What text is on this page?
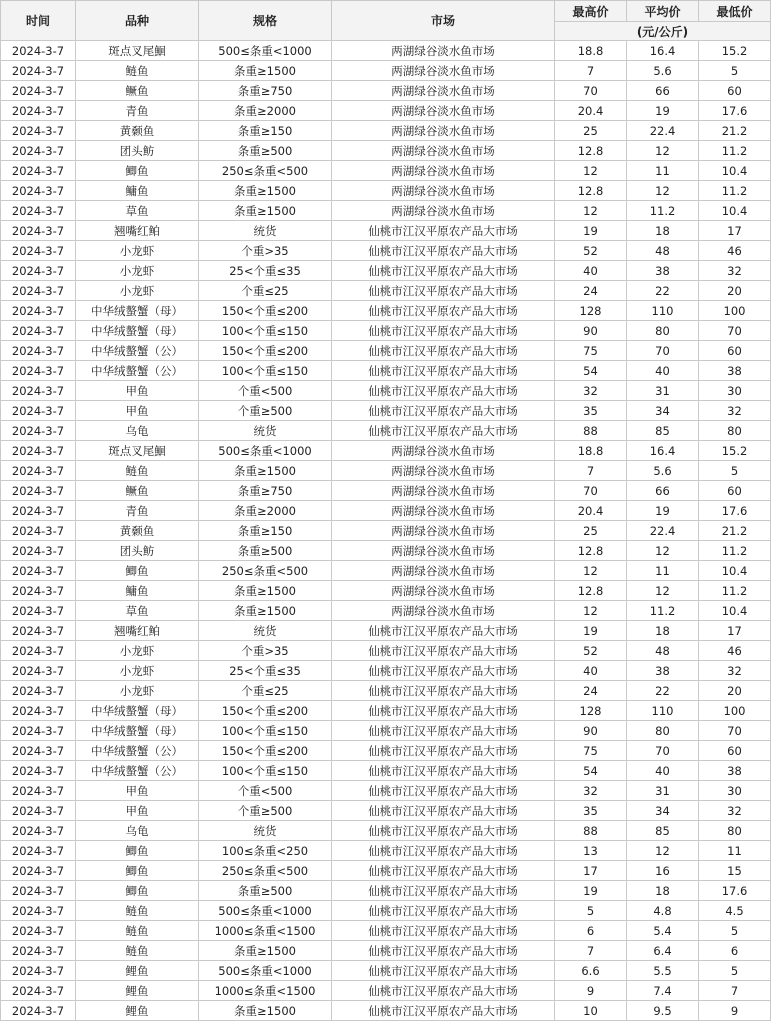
时间	品种	规格	市场	最高价	平均价	最低价
				(元/公斤)		
2024-3-7	斑点叉尾鮰	500≤条重<1000	两湖绿谷淡水鱼市场	18.8	16.4	15.2
2024-3-7	鲢鱼	条重≥1500	两湖绿谷淡水鱼市场	7	5.6	5
2024-3-7	鳜鱼	条重≥750	两湖绿谷淡水鱼市场	70	66	60
2024-3-7	青鱼	条重≥2000	两湖绿谷淡水鱼市场	20.4	19	17.6
2024-3-7	黄颡鱼	条重≥150	两湖绿谷淡水鱼市场	25	22.4	21.2
2024-3-7	团头鲂	条重≥500	两湖绿谷淡水鱼市场	12.8	12	11.2
2024-3-7	鲫鱼	250≤条重<500	两湖绿谷淡水鱼市场	12	11	10.4
2024-3-7	鳙鱼	条重≥1500	两湖绿谷淡水鱼市场	12.8	12	11.2
2024-3-7	草鱼	条重≥1500	两湖绿谷淡水鱼市场	12	11.2	10.4
2024-3-7	翘嘴红鲌	统货	仙桃市江汉平原农产品大市场	19	18	17
2024-3-7	小龙虾	个重>35	仙桃市江汉平原农产品大市场	52	48	46
2024-3-7	小龙虾	25<个重≤35	仙桃市江汉平原农产品大市场	40	38	32
2024-3-7	小龙虾	个重≤25	仙桃市江汉平原农产品大市场	24	22	20
2024-3-7	中华绒螯蟹（母）	150<个重≤200	仙桃市江汉平原农产品大市场	128	110	100
2024-3-7	中华绒螯蟹（母）	100<个重≤150	仙桃市江汉平原农产品大市场	90	80	70
2024-3-7	中华绒螯蟹（公）	150<个重≤200	仙桃市江汉平原农产品大市场	75	70	60
2024-3-7	中华绒螯蟹（公）	100<个重≤150	仙桃市江汉平原农产品大市场	54	40	38
2024-3-7	甲鱼	个重<500	仙桃市江汉平原农产品大市场	32	31	30
2024-3-7	甲鱼	个重≥500	仙桃市江汉平原农产品大市场	35	34	32
2024-3-7	乌龟	统货	仙桃市江汉平原农产品大市场	88	85	80
2024-3-7	斑点叉尾鮰	500≤条重<1000	两湖绿谷淡水鱼市场	18.8	16.4	15.2
2024-3-7	鲢鱼	条重≥1500	两湖绿谷淡水鱼市场	7	5.6	5
2024-3-7	鳜鱼	条重≥750	两湖绿谷淡水鱼市场	70	66	60
2024-3-7	青鱼	条重≥2000	两湖绿谷淡水鱼市场	20.4	19	17.6
2024-3-7	黄颡鱼	条重≥150	两湖绿谷淡水鱼市场	25	22.4	21.2
2024-3-7	团头鲂	条重≥500	两湖绿谷淡水鱼市场	12.8	12	11.2
2024-3-7	鲫鱼	250≤条重<500	两湖绿谷淡水鱼市场	12	11	10.4
2024-3-7	鳙鱼	条重≥1500	两湖绿谷淡水鱼市场	12.8	12	11.2
2024-3-7	草鱼	条重≥1500	两湖绿谷淡水鱼市场	12	11.2	10.4
2024-3-7	翘嘴红鲌	统货	仙桃市江汉平原农产品大市场	19	18	17
2024-3-7	小龙虾	个重>35	仙桃市江汉平原农产品大市场	52	48	46
2024-3-7	小龙虾	25<个重≤35	仙桃市江汉平原农产品大市场	40	38	32
2024-3-7	小龙虾	个重≤25	仙桃市江汉平原农产品大市场	24	22	20
2024-3-7	中华绒螯蟹（母）	150<个重≤200	仙桃市江汉平原农产品大市场	128	110	100
2024-3-7	中华绒螯蟹（母）	100<个重≤150	仙桃市江汉平原农产品大市场	90	80	70
2024-3-7	中华绒螯蟹（公）	150<个重≤200	仙桃市江汉平原农产品大市场	75	70	60
2024-3-7	中华绒螯蟹（公）	100<个重≤150	仙桃市江汉平原农产品大市场	54	40	38
2024-3-7	甲鱼	个重<500	仙桃市江汉平原农产品大市场	32	31	30
2024-3-7	甲鱼	个重≥500	仙桃市江汉平原农产品大市场	35	34	32
2024-3-7	乌龟	统货	仙桃市江汉平原农产品大市场	88	85	80
2024-3-7	鲫鱼	100≤条重<250	仙桃市江汉平原农产品大市场	13	12	11
2024-3-7	鲫鱼	250≤条重<500	仙桃市江汉平原农产品大市场	17	16	15
2024-3-7	鲫鱼	条重≥500	仙桃市江汉平原农产品大市场	19	18	17.6
2024-3-7	鲢鱼	500≤条重<1000	仙桃市江汉平原农产品大市场	5	4.8	4.5
2024-3-7	鲢鱼	1000≤条重<1500	仙桃市江汉平原农产品大市场	6	5.4	5
2024-3-7	鲢鱼	条重≥1500	仙桃市江汉平原农产品大市场	7	6.4	6
2024-3-7	鲤鱼	500≤条重<1000	仙桃市江汉平原农产品大市场	6.6	5.5	5
2024-3-7	鲤鱼	1000≤条重<1500	仙桃市江汉平原农产品大市场	9	7.4	7
2024-3-7	鲤鱼	条重≥1500	仙桃市江汉平原农产品大市场	10	9.5	9
